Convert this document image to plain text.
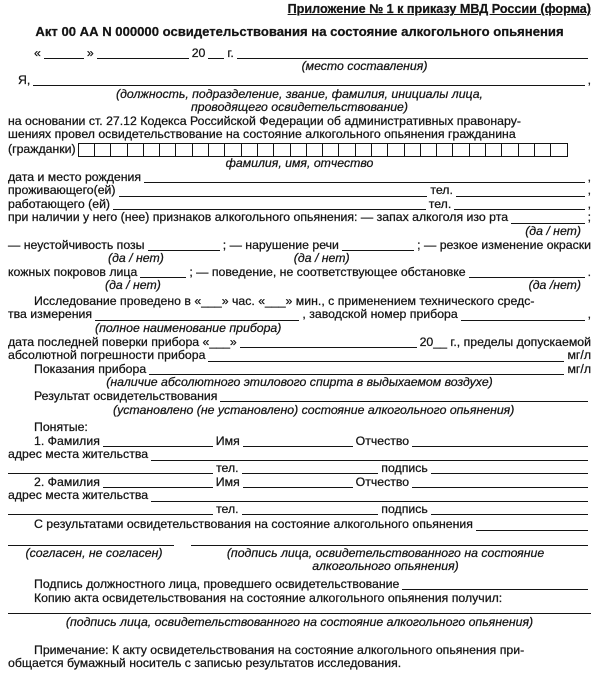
Приложение № 1 к приказу МВД России (форма)
Акт 00 АА N 000000 освидетельствования на состояние алкогольного опьянения
«	»	20 г.
(место составления)
Я,	,
(должность, подразделение, звание, фамилия, инициалы лица,
проводящего освидетельствование)
на основании ст. 27.12 Кодекса Российской Федерации об административных правонару-
шениях провел освидетельствование на состояние алкогольного опьянения гражданина
(гражданки)
фамилия, имя, отчество
дата и место рождения	,
проживающего(ей)	тел.	,
работающего (ей)	тел.	,
при наличии у него (нее) признаков алкогольного опьянения: — запах алкоголя изо рта	;
(да / нет)
— неустойчивость позы	; — нарушение речи	; — резкое изменение окраски
(да / нет)	(да / нет)
кожных покровов лица	; — поведение, не соответствующее обстановке	.
(да / нет)	(да /нет)
Исследование проведено в «___» час. «___» мин., с применением технического средс-
тва измерения	, заводской номер прибора	,
(полное наименование прибора)
дата последней поверки прибора «___»	20__ г., пределы допускаемой
абсолютной погрешности прибора	мг/л
Показания прибора	мг/л
(наличие абсолютного этилового спирта в выдыхаемом воздухе)
Результат освидетельствования
(установлено (не установлено) состояние алкогольного опьянения)
Понятые:
1. Фамилия	Имя	Отчество
адрес места жительства
тел.	подпись
2. Фамилия	Имя	Отчество
адрес места жительства
тел.	подпись
С результатами освидетельствования на состояние алкогольного опьянения
(согласен, не согласен)	(подпись лица, освидетельствованного на состояние

алкогольного опьянения)
Подпись должностного лица, проведшего освидетельствование
Копию акта освидетельствования на состояние алкогольного опьянения получил:
(подпись лица, освидетельствованного на состояние алкогольного опьянения)
Примечание: К акту освидетельствования на состояние алкогольного опьянения при-
общается бумажный носитель с записью результатов исследования.
